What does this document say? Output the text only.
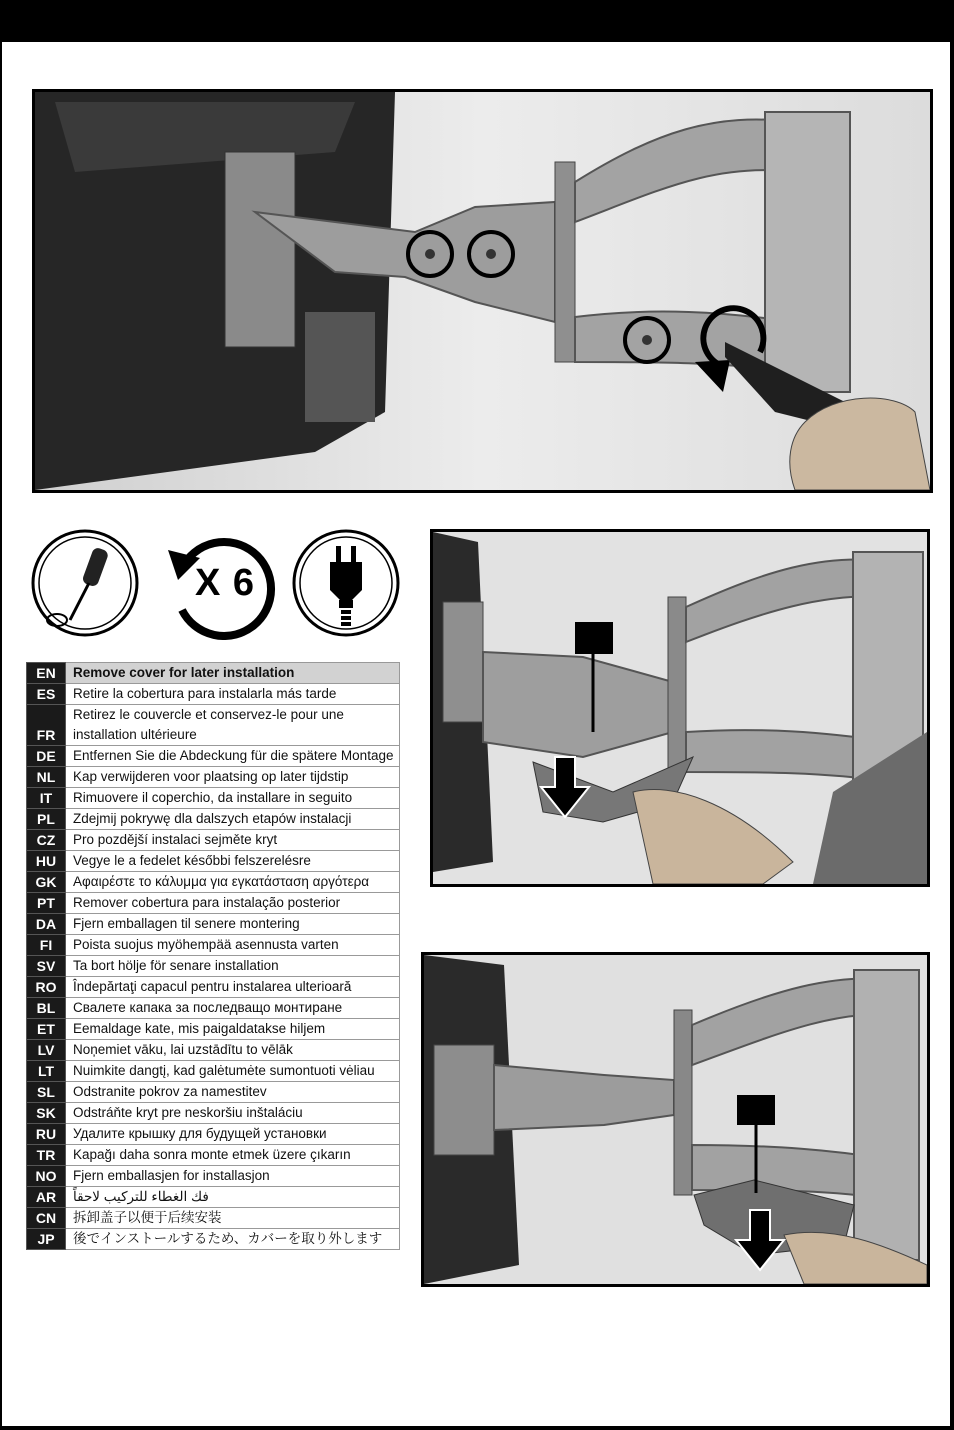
X 6
EN	Remove cover for later installation
ES	Retire la cobertura para instalarla más tarde
FR	Retirez le couvercle et conservez-le pour une installation ultérieure
DE	Entfernen Sie die Abdeckung für die spätere Montage
NL	Kap verwijderen voor plaatsing op later tijdstip
IT	Rimuovere il coperchio, da installare in seguito
PL	Zdejmij pokrywę dla dalszych etapów instalacji
CZ	Pro pozdější instalaci sejměte kryt
HU	Vegye le a fedelet későbbi felszerelésre
GK	Αφαιρέστε το κάλυμμα για εγκατάσταση αργότερα
PT	Remover cobertura para instalação posterior
DA	Fjern emballagen til senere montering
FI	Poista suojus myöhempää asennusta varten
SV	Ta bort hölje för senare installation
RO	Îndepărtaţi capacul pentru instalarea ulterioară
BL	Свалете капака за последващо монтиране
ET	Eemaldage kate, mis paigaldatakse hiljem
LV	Noņemiet vāku, lai uzstādītu to vēlāk
LT	Nuimkite dangtį, kad galėtumėte sumontuoti vėliau
SL	Odstranite pokrov za namestitev
SK	Odstráňte kryt pre neskoršiu inštaláciu
RU	Удалите крышку для будущей установки
TR	Kapağı daha sonra monte etmek üzere çıkarın
NO	Fjern emballasjen for installasjon
AR	فك الغطاء للتركيب لاحقاً
CN	拆卸盖子以便于后续安装
JP	後でインストールするため、カバーを取り外します
